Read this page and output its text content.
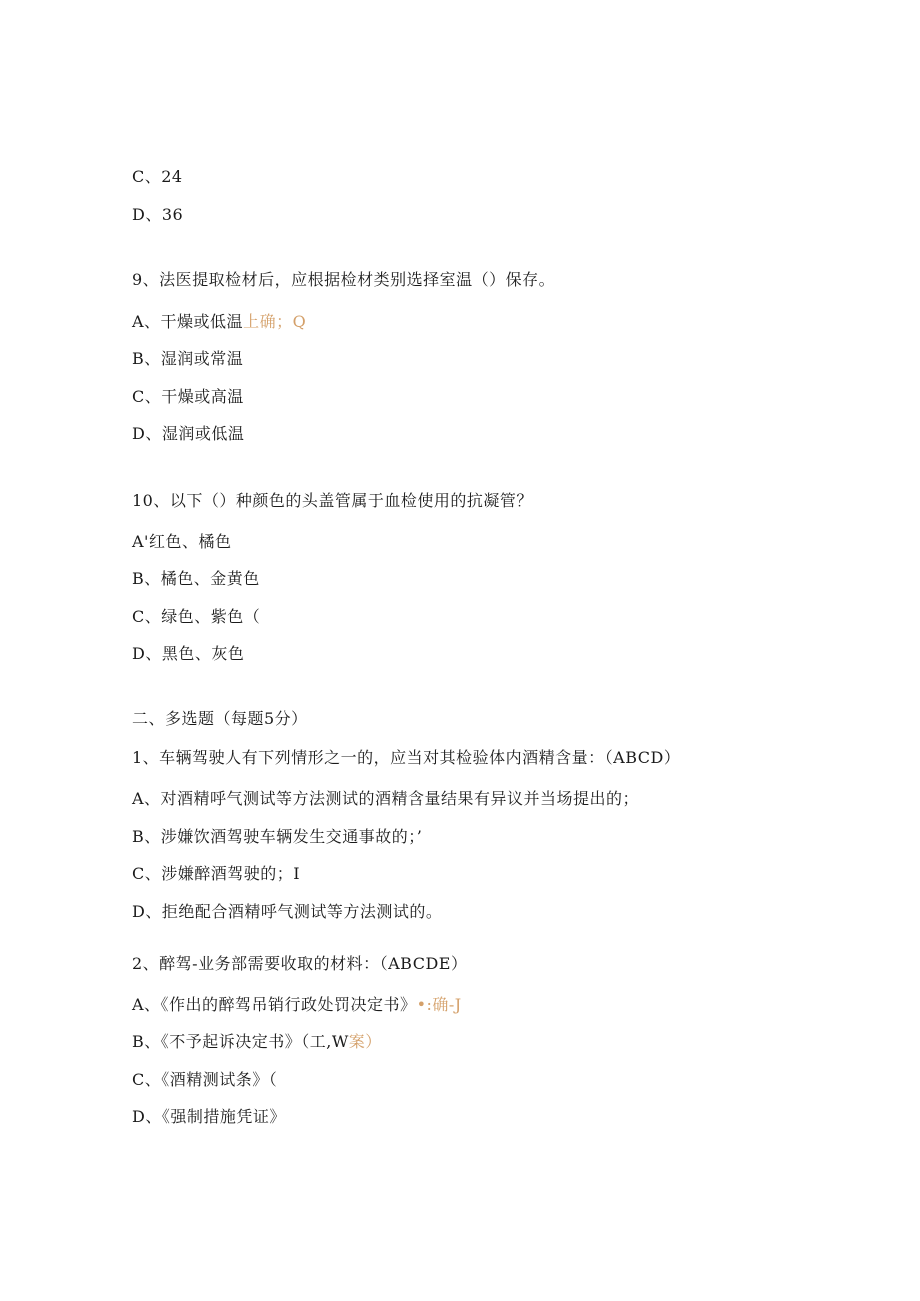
C、24
D、36
9、法医提取检材后，应根据检材类别选择室温（）保存。
A、干燥或低温上确；Q
B、湿润或常温
C、干燥或高温
D、湿润或低温
10、以下（）种颜色的头盖管属于血检使用的抗凝管？
A'红色、橘色
B、橘色、金黄色
C、绿色、紫色（
D、黑色、灰色
二、多选题（每题5分）
1、车辆驾驶人有下列情形之一的，应当对其检验体内酒精含量：（ABCD）
A、对酒精呼气测试等方法测试的酒精含量结果有异议并当场提出的；
B、涉嫌饮酒驾驶车辆发生交通事故的；’
C、涉嫌醉酒驾驶的；I
D、拒绝配合酒精呼气测试等方法测试的。
2、醉驾-业务部需要收取的材料：（ABCDE）
A、《作出的醉驾吊销行政处罚决定书》•:确-J
B、《不予起诉决定书》（工,W案）
C、《酒精测试条》（
D、《强制措施凭证》
